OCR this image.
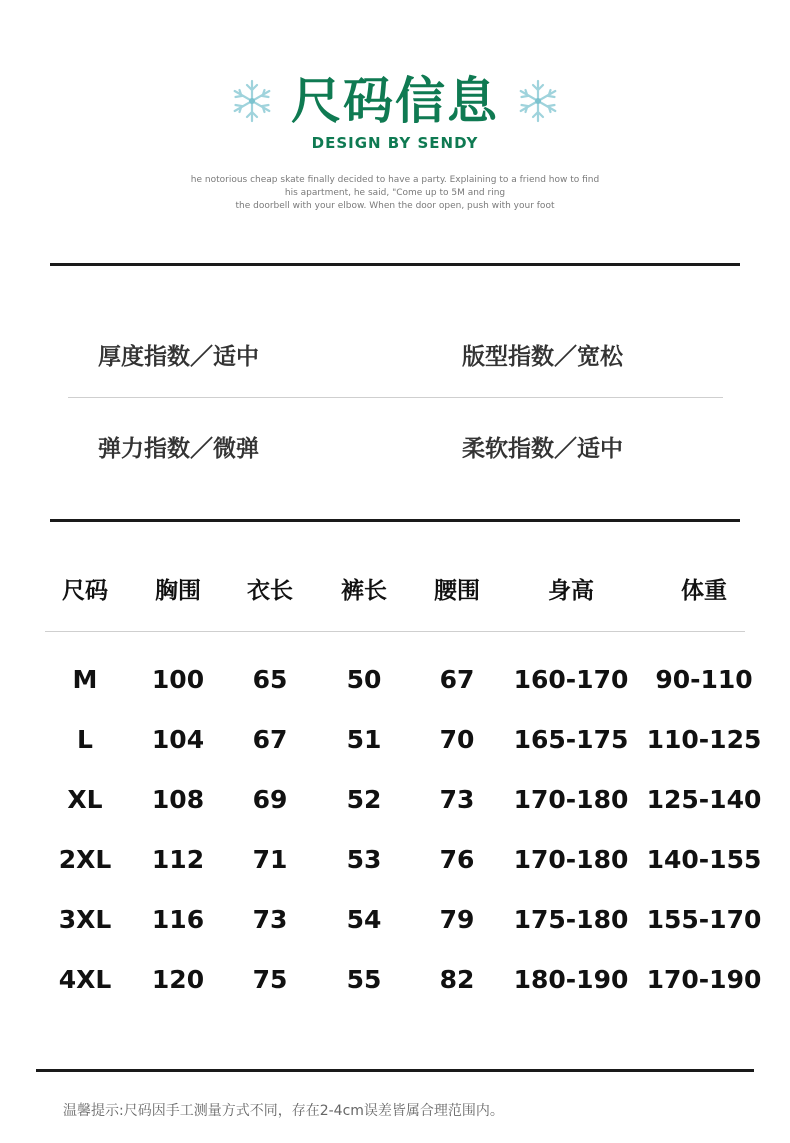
尺码信息
DESIGN BY SENDY
he notorious cheap skate finally decided to have a party. Explaining to a friend how to find
his apartment, he said, "Come up to 5M and ring
the doorbell with your elbow. When the door open, push with your foot
厚度指数／适中	版型指数／宽松
弹力指数／微弹	柔软指数／适中
尺码 胸围 衣长 裤长 腰围	身高	体重
M 100 65 50 67 160-170 90-110
L 104 67 51 70 165-175 110-125
XL 108 69 52 73 170-180 125-140
2XL 112 71 53 76 170-180 140-155
3XL 116 73 54 79 175-180 155-170
4XL 120 75 55 82 180-190 170-190
温馨提示:尺码因手工测量方式不同，存在2-4cm误差皆属合理范围内。
